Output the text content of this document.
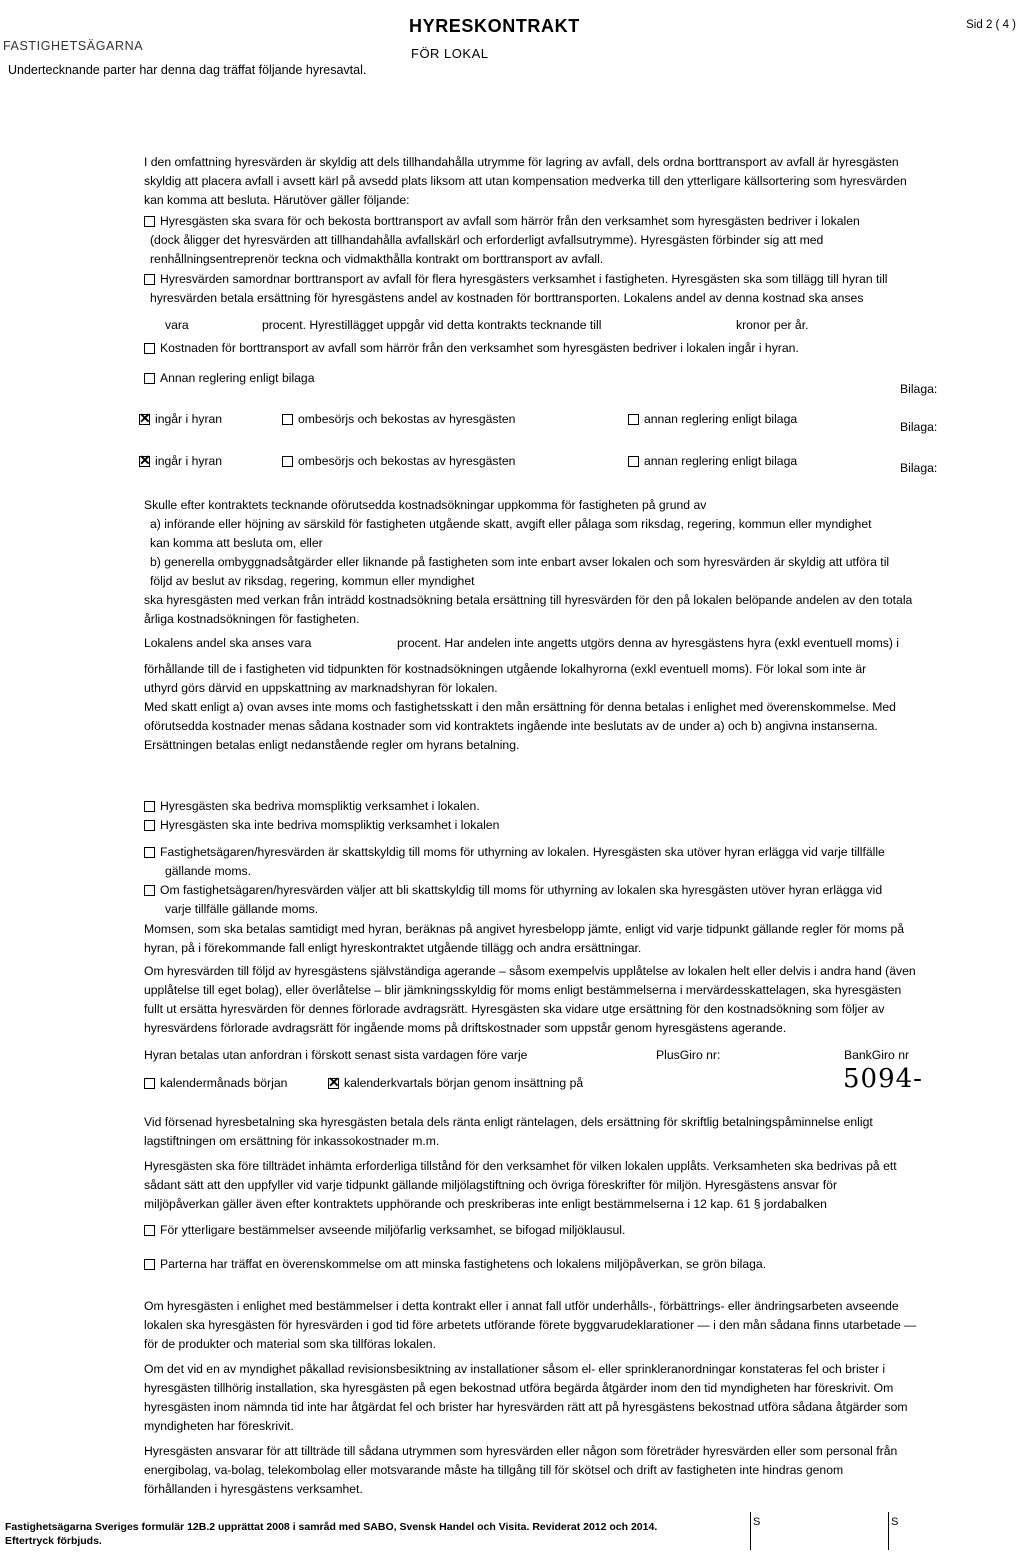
FASTIGHETSÄGARNA
Undertecknande parter har denna dag träffat följande hyresavtal.
HYRESKONTRAKT
FÖR LOKAL
Sid 2 ( 4 )
I den omfattning hyresvärden är skyldig att dels tillhandahålla utrymme för lagring av avfall, dels ordna borttransport av avfall är hyresgästen
skyldig att placera avfall i avsett kärl på avsedd plats liksom att utan kompensation medverka till den ytterligare källsortering som hyresvärden
kan komma att besluta. Härutöver gäller följande:
Hyresgästen ska svara för och bekosta borttransport av avfall som härrör från den verksamhet som hyresgästen bedriver i lokalen
(dock åligger det hyresvärden att tillhandahålla avfallskärl och erforderligt avfallsutrymme). Hyresgästen förbinder sig att med
renhållningsentreprenör teckna och vidmakthålla kontrakt om borttransport av avfall.
Hyresvärden samordnar borttransport av avfall för flera hyresgästers verksamhet i fastigheten. Hyresgästen ska som tillägg till hyran till
hyresvärden betala ersättning för hyresgästens andel av kostnaden för borttransporten. Lokalens andel av denna kostnad ska anses
vara	procent. Hyrestillägget uppgår vid detta kontrakts tecknande till	kronor per år.
Kostnaden för borttransport av avfall som härrör från den verksamhet som hyresgästen bedriver i lokalen ingår i hyran.
Annan reglering enligt bilaga
Bilaga:
✕ingår i hyran	ombesörjs och bekostas av hyresgästen	annan reglering enligt bilaga
Bilaga:
✕ingår i hyran	ombesörjs och bekostas av hyresgästen	annan reglering enligt bilaga	Bilaga:
Skulle efter kontraktets tecknande oförutsedda kostnadsökningar uppkomma för fastigheten på grund av
a) införande eller höjning av särskild för fastigheten utgående skatt, avgift eller pålaga som riksdag, regering, kommun eller myndighet
kan komma att besluta om, eller
b) generella ombyggnadsåtgärder eller liknande på fastigheten som inte enbart avser lokalen och som hyresvärden är skyldig att utföra til
följd av beslut av riksdag, regering, kommun eller myndighet
ska hyresgästen med verkan från inträdd kostnadsökning betala ersättning till hyresvärden för den på lokalen belöpande andelen av den totala
årliga kostnadsökningen för fastigheten.
Lokalens andel ska anses vara	procent. Har andelen inte angetts utgörs denna av hyresgästens hyra (exkl eventuell moms) i
förhållande till de i fastigheten vid tidpunkten för kostnadsökningen utgående lokalhyrorna (exkl eventuell moms). För lokal som inte är
uthyrd görs därvid en uppskattning av marknadshyran för lokalen.
Med skatt enligt a) ovan avses inte moms och fastighetsskatt i den mån ersättning för denna betalas i enlighet med överenskommelse. Med
oförutsedda kostnader menas sådana kostnader som vid kontraktets ingående inte beslutats av de under a) och b) angivna instanserna.
Ersättningen betalas enligt nedanstående regler om hyrans betalning.
Hyresgästen ska bedriva momspliktig verksamhet i lokalen.
Hyresgästen ska inte bedriva momspliktig verksamhet i lokalen
Fastighetsägaren/hyresvärden är skattskyldig till moms för uthyrning av lokalen. Hyresgästen ska utöver hyran erlägga vid varje tillfälle
gällande moms.
Om fastighetsägaren/hyresvärden väljer att bli skattskyldig till moms för uthyrning av lokalen ska hyresgästen utöver hyran erlägga vid
varje tillfälle gällande moms.
Momsen, som ska betalas samtidigt med hyran, beräknas på angivet hyresbelopp jämte, enligt vid varje tidpunkt gällande regler för moms på
hyran, på i förekommande fall enligt hyreskontraktet utgående tillägg och andra ersättningar.
Om hyresvärden till följd av hyresgästens självständiga agerande – såsom exempelvis upplåtelse av lokalen helt eller delvis i andra hand (även
upplåtelse till eget bolag), eller överlåtelse – blir jämkningsskyldig för moms enligt bestämmelserna i mervärdesskattelagen, ska hyresgästen
fullt ut ersätta hyresvärden för dennes förlorade avdragsrätt. Hyresgästen ska vidare utge ersättning för den kostnadsökning som följer av
hyresvärdens förlorade avdragsrätt för ingående moms på driftskostnader som uppstår genom hyresgästens agerande.
Hyran betalas utan anfordran i förskott senast sista vardagen före varje	PlusGiro nr:	BankGiro nr
kalendermånads början
✕	kalenderkvartals början genom insättning på	5094-
Vid försenad hyresbetalning ska hyresgästen betala dels ränta enligt räntelagen, dels ersättning för skriftlig betalningspåminnelse enligt
lagstiftningen om ersättning för inkassokostnader m.m.
Hyresgästen ska före tillträdet inhämta erforderliga tillstånd för den verksamhet för vilken lokalen upplåts. Verksamheten ska bedrivas på ett
sådant sätt att den uppfyller vid varje tidpunkt gällande miljölagstiftning och övriga föreskrifter för miljön. Hyresgästens ansvar för
miljöpåverkan gäller även efter kontraktets upphörande och preskriberas inte enligt bestämmelserna i 12 kap. 61 § jordabalken
För ytterligare bestämmelser avseende miljöfarlig verksamhet, se bifogad miljöklausul.
Parterna har träffat en överenskommelse om att minska fastighetens och lokalens miljöpåverkan, se grön bilaga.
Om hyresgästen i enlighet med bestämmelser i detta kontrakt eller i annat fall utför underhålls-, förbättrings- eller ändringsarbeten avseende
lokalen ska hyresgästen för hyresvärden i god tid före arbetets utförande förete byggvarudeklarationer — i den mån sådana finns utarbetade —
för de produkter och material som ska tillföras lokalen.
Om det vid en av myndighet påkallad revisionsbesiktning av installationer såsom el- eller sprinkleranordningar konstateras fel och brister i
hyresgästen tillhörig installation, ska hyresgästen på egen bekostnad utföra begärda åtgärder inom den tid myndigheten har föreskrivit. Om
hyresgästen inom nämnda tid inte har åtgärdat fel och brister har hyresvärden rätt att på hyresgästens bekostnad utföra sådana åtgärder som
myndigheten har föreskrivit.
Hyresgästen ansvarar för att tillträde till sådana utrymmen som hyresvärden eller någon som företräder hyresvärden eller som personal från
energibolag, va-bolag, telekombolag eller motsvarande måste ha tillgång till för skötsel och drift av fastigheten inte hindras genom
förhållanden i hyresgästens verksamhet.
Fastighetsägarna Sveriges formulär 12B.2 upprättat 2008 i samråd med SABO, Svensk Handel och Visita. Reviderat 2012 och 2014.
Eftertryck förbjuds.
S	S
